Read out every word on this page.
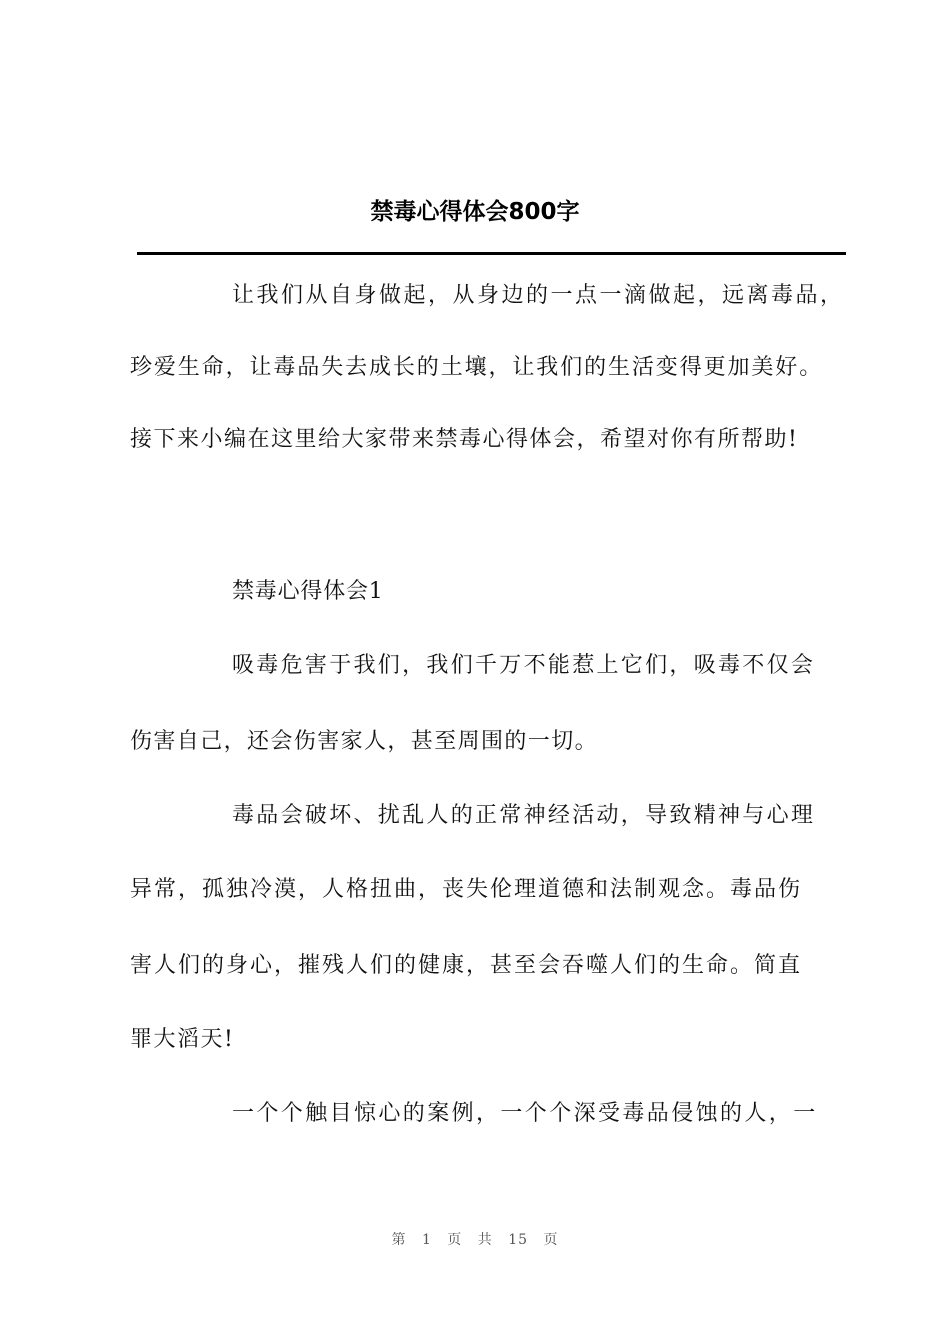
禁毒心得体会800字
让我们从自身做起，从身边的一点一滴做起，远离毒品，
珍爱生命，让毒品失去成长的土壤，让我们的生活变得更加美好。
接下来小编在这里给大家带来禁毒心得体会，希望对你有所帮助!
禁毒心得体会1
吸毒危害于我们，我们千万不能惹上它们，吸毒不仅会
伤害自己，还会伤害家人，甚至周围的一切。
毒品会破坏、扰乱人的正常神经活动，导致精神与心理
异常，孤独冷漠，人格扭曲，丧失伦理道德和法制观念。毒品伤
害人们的身心，摧残人们的健康，甚至会吞噬人们的生命。简直
罪大滔天!
一个个触目惊心的案例，一个个深受毒品侵蚀的人，一
第 1 页 共 15 页
